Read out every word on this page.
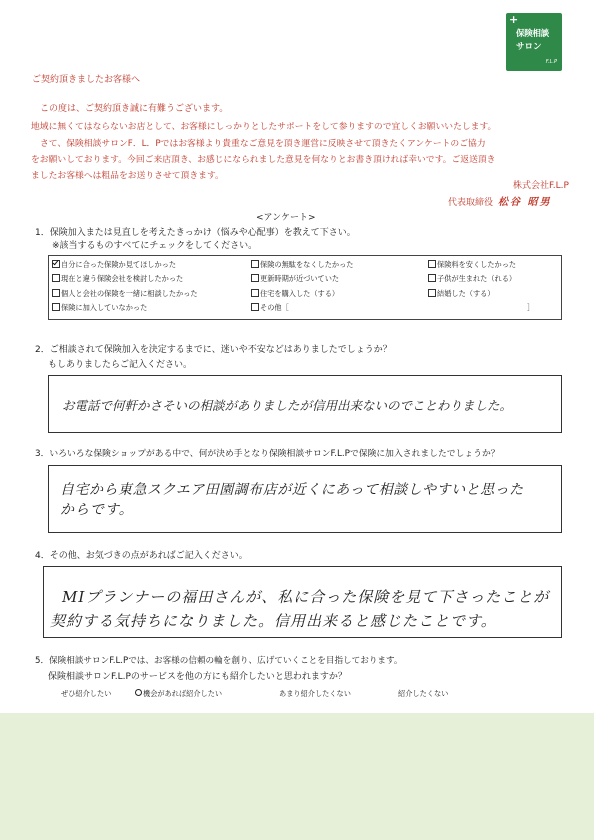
+
保険相談
サロン
F.L.P
ご契約頂きましたお客様へ
この度は、ご契約頂き誠に有難うございます。
地域に無くてはならないお店として、お客様にしっかりとしたサポートをして参りますので宜しくお願いいたします。
さて、保険相談サロンF．L．Pではお客様より貴重なご意見を頂き運営に反映させて頂きたくアンケートのご協力
をお願いしております。今回ご来店頂き、お感じになられました意見を何なりとお書き頂ければ幸いです。ご返送頂き
ましたお客様へは粗品をお送りさせて頂きます。
株式会社F.L.P
代表取締役 松谷 昭男
<アンケート>
1．保険加入または見直しを考えたきっかけ（悩みや心配事）を教えて下さい。
※該当するものすべてにチェックをしてください。
自分に合った保険か見てほしかった	保険の無駄をなくしたかった	保険料を安くしたかった
現在と違う保険会社を検討したかった	更新時期が近づいていた	子供が生まれた（れる）
個人と会社の保険を一緒に相談したかった	住宅を購入した（する）	結婚した（する）
保険に加入していなかった	その他［	］
2．ご相談されて保険加入を決定するまでに、迷いや不安などはありましたでしょうか？
もしありましたらご記入ください。
お電話で何軒かさそいの相談がありましたが信用出来ないのでことわりました。
3．いろいろな保険ショップがある中で、何が決め手となり保険相談サロンF.L.Pで保険に加入されましたでしょうか？
自宅から東急スクエア田園調布店が近くにあって相談しやすいと思った
からです。
4．その他、お気づきの点があればご記入ください。
MIプランナーの福田さんが、私に合った保険を見て下さったことが
契約する気持ちになりました。信用出来ると感じたことです。
5．保険相談サロンF.L.Pでは、お客様の信頼の輪を創り、広げていくことを目指しております。
保険相談サロンF.L.Pのサービスを他の方にも紹介したいと思われますか？
ぜひ紹介したい	機会があれば紹介したい	あまり紹介したくない	紹介したくない
